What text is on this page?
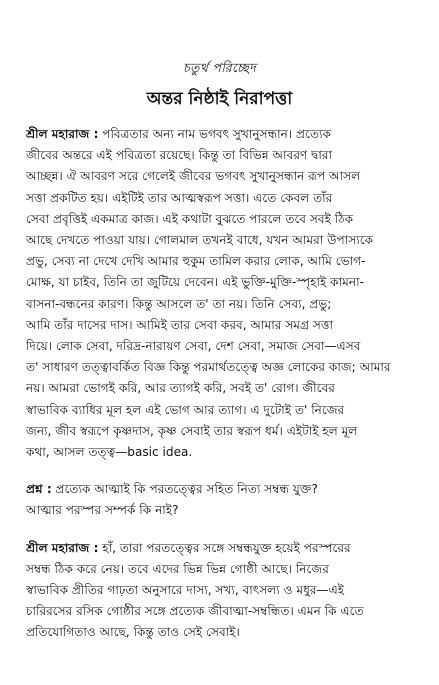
চতুর্থ পরিচ্ছেদ
অন্তর নিষ্ঠাই নিরাপত্তা
শ্রীল মহারাজ : পবিত্রতার অন্য নাম ভগবৎ সুখানুসন্ধান। প্রত্যেক
জীবের অন্তরে এই পবিত্রতা রয়েছে। কিন্তু তা বিভিন্ন আবরণ দ্বারা
আচ্ছন্ন। ঐ আবরণ সরে গেলেই জীবের ভগবৎ সুখানুসন্ধান রূপ আসল
সত্তা প্রকটিত হয়। এইটিই তার আত্মস্বরূপ সত্তা। এতে কেবল তাঁর
সেবা প্রবৃত্তিই একমাত্র কাজ। এই কথাটা বুঝতে পারলে তবে সবই ঠিক
আছে দেখতে পাওয়া যায়। গোলমাল তখনই বাধে, যখন আমরা উপাস্যকে
প্রভু, সেব্য না দেখে দেখি আমার হুকুম তামিল করার লোক, আমি ভোগ-
মোক্ষ, যা চাইব, তিনি তা জুটিয়ে দেবেন। এই ভুক্তি-মুক্তি-স্পৃহাই কামনা-
বাসনা-বন্ধনের কারণ। কিন্তু আসলে ত' তা নয়। তিনি সেব্য, প্রভু;
আমি তাঁর দাসের দাস। আমিই তার সেবা করব, আমার সমগ্র সত্তা
দিয়ে। লোক সেবা, দরিদ্র-নারায়ণ সেবা, দেশ সেবা, সমাজ সেবা—এসব
ত' সাধারণ তত্ত্বাবর্কিত বিজ্ঞ কিন্তু পরমার্থতত্ত্বে অজ্ঞ লোকের কাজ; আমার
নয়। আমরা ভোগই করি, আর ত্যাগই করি, সবই ত' রোগ। জীবের
স্বাভাবিক ব্যাধির মূল হল এই ভোগ আর ত্যাগ। এ দুটোই ত' নিজের
জন্য, জীব স্বরূপে কৃষ্ণদাস, কৃষ্ণ সেবাই তার স্বরূপ ধর্ম। এইটাই হল মূল
কথা, আসল তত্ত্ব—basic idea.
প্রশ্ন : প্রত্যেক আত্মাই কি পরতত্ত্বের সহিত নিত্য সম্বন্ধ যুক্ত?
আত্মার পরস্পর সম্পর্ক কি নাই?
শ্রীল মহারাজ : হাঁ, তারা পরতত্ত্বের সঙ্গে সম্বন্ধযুক্ত হয়েই পরস্পরের
সম্বন্ধ ঠিক করে নেয়। তবে এদের ভিন্ন ভিন্ন গোষ্ঠী আছে। নিজের
স্বাভাবিক প্রীতির গাঢ়তা অনুসারে দাস্য, সখ্য, বাৎসল্য ও মধুর—এই
চারিরসের রসিক গোষ্ঠীর সঙ্গে প্রত্যেক জীবাত্মা-সম্বন্ধিত। এমন কি এতে
প্রতিযোগিতাও আছে, কিন্তু তাও সেই সেবাই।
